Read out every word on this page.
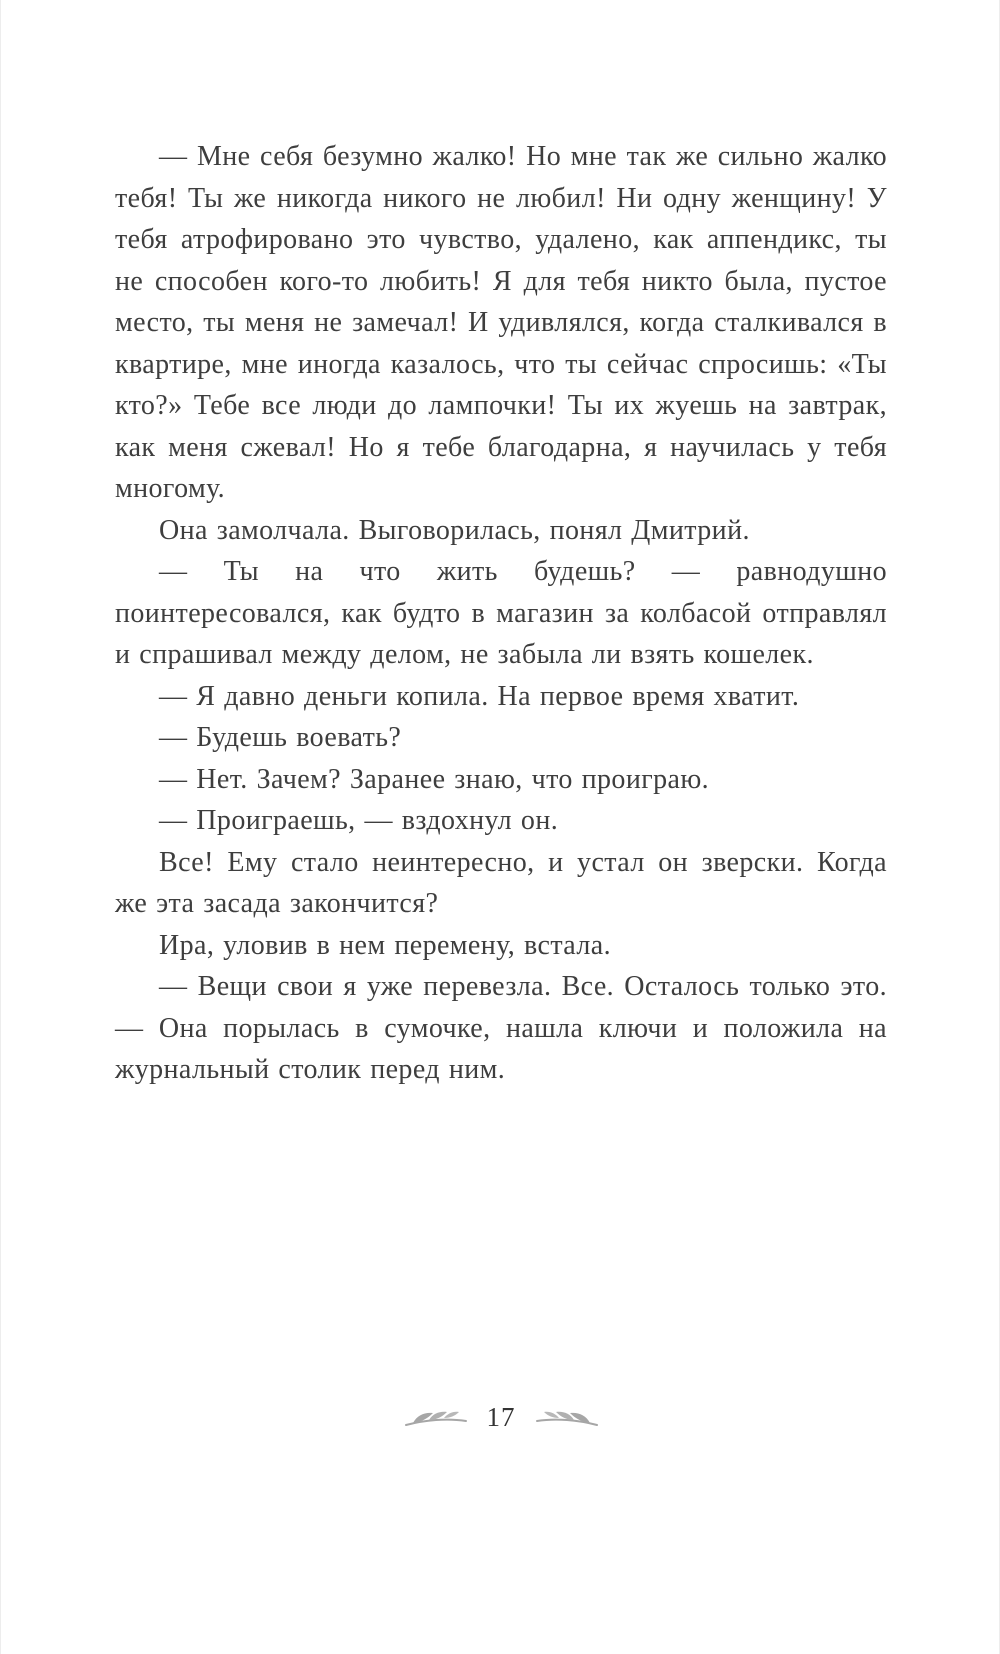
— Мне себя безумно жалко! Но мне так же сильно жалко тебя! Ты же никогда никого не любил! Ни одну женщину! У тебя атрофировано это чувство, удалено, как аппендикс, ты не способен кого-то любить! Я для тебя никто была, пустое место, ты меня не замечал! И удивлялся, когда сталкивался в квартире, мне иногда казалось, что ты сейчас спросишь: «Ты кто?» Тебе все люди до лампочки! Ты их жуешь на завтрак, как меня сжевал! Но я тебе благодарна, я научилась у тебя многому.

Она замолчала. Выговорилась, понял Дмитрий.

— Ты на что жить будешь? — равнодушно поинтересовался, как будто в магазин за колбасой отправлял и спрашивал между делом, не забыла ли взять кошелек.

— Я давно деньги копила. На первое время хватит.

— Будешь воевать?

— Нет. Зачем? Заранее знаю, что проиграю.

— Проиграешь, — вздохнул он.

Все! Ему стало неинтересно, и устал он зверски. Когда же эта засада закончится?

Ира, уловив в нем перемену, встала.

— Вещи свои я уже перевезла. Все. Осталось только это. — Она порылась в сумочке, нашла ключи и положила на журнальный столик перед ним.

17
